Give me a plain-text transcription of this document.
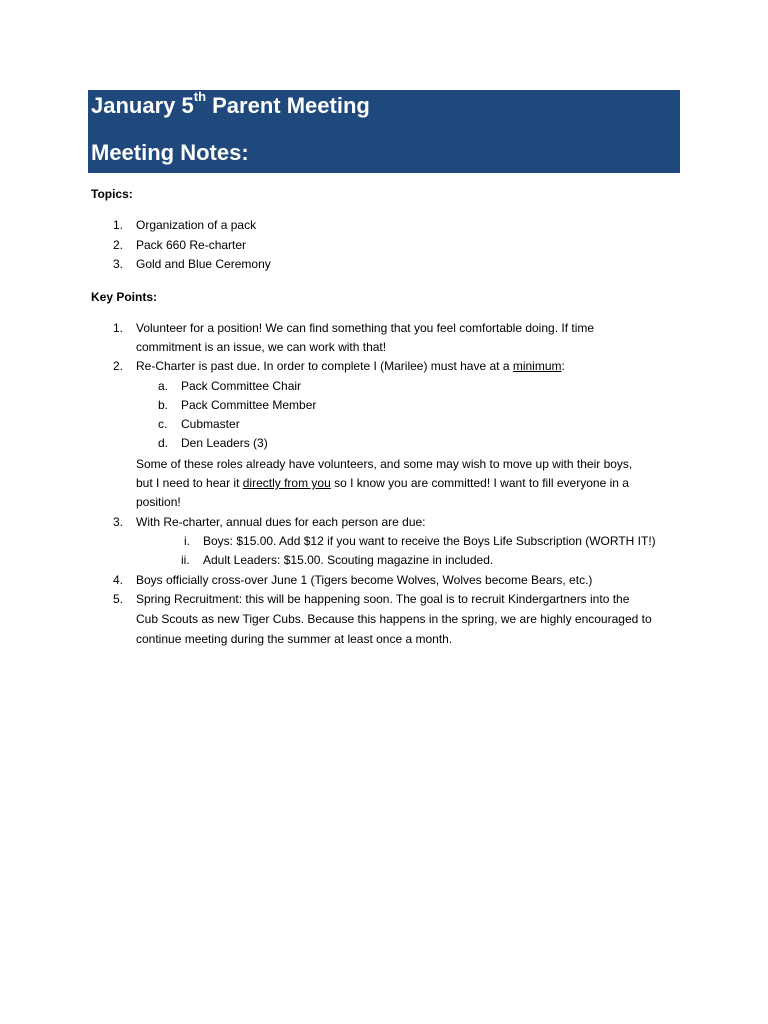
January 5th Parent Meeting
Meeting Notes:
Topics:
1. Organization of a pack
2. Pack 660 Re-charter
3. Gold and Blue Ceremony
Key Points:
1. Volunteer for a position! We can find something that you feel comfortable doing. If time
commitment is an issue, we can work with that!
2. Re-Charter is past due. In order to complete I (Marilee) must have at a minimum:
a. Pack Committee Chair
b. Pack Committee Member
c. Cubmaster
d. Den Leaders (3)
Some of these roles already have volunteers, and some may wish to move up with their boys,
but I need to hear it directly from you so I know you are committed! I want to fill everyone in a
position!
3. With Re-charter, annual dues for each person are due:
i. Boys: $15.00. Add $12 if you want to receive the Boys Life Subscription (WORTH IT!)
ii. Adult Leaders: $15.00. Scouting magazine in included.
4. Boys officially cross-over June 1 (Tigers become Wolves, Wolves become Bears, etc.)
5. Spring Recruitment: this will be happening soon. The goal is to recruit Kindergartners into the
Cub Scouts as new Tiger Cubs. Because this happens in the spring, we are highly encouraged to
continue meeting during the summer at least once a month.
